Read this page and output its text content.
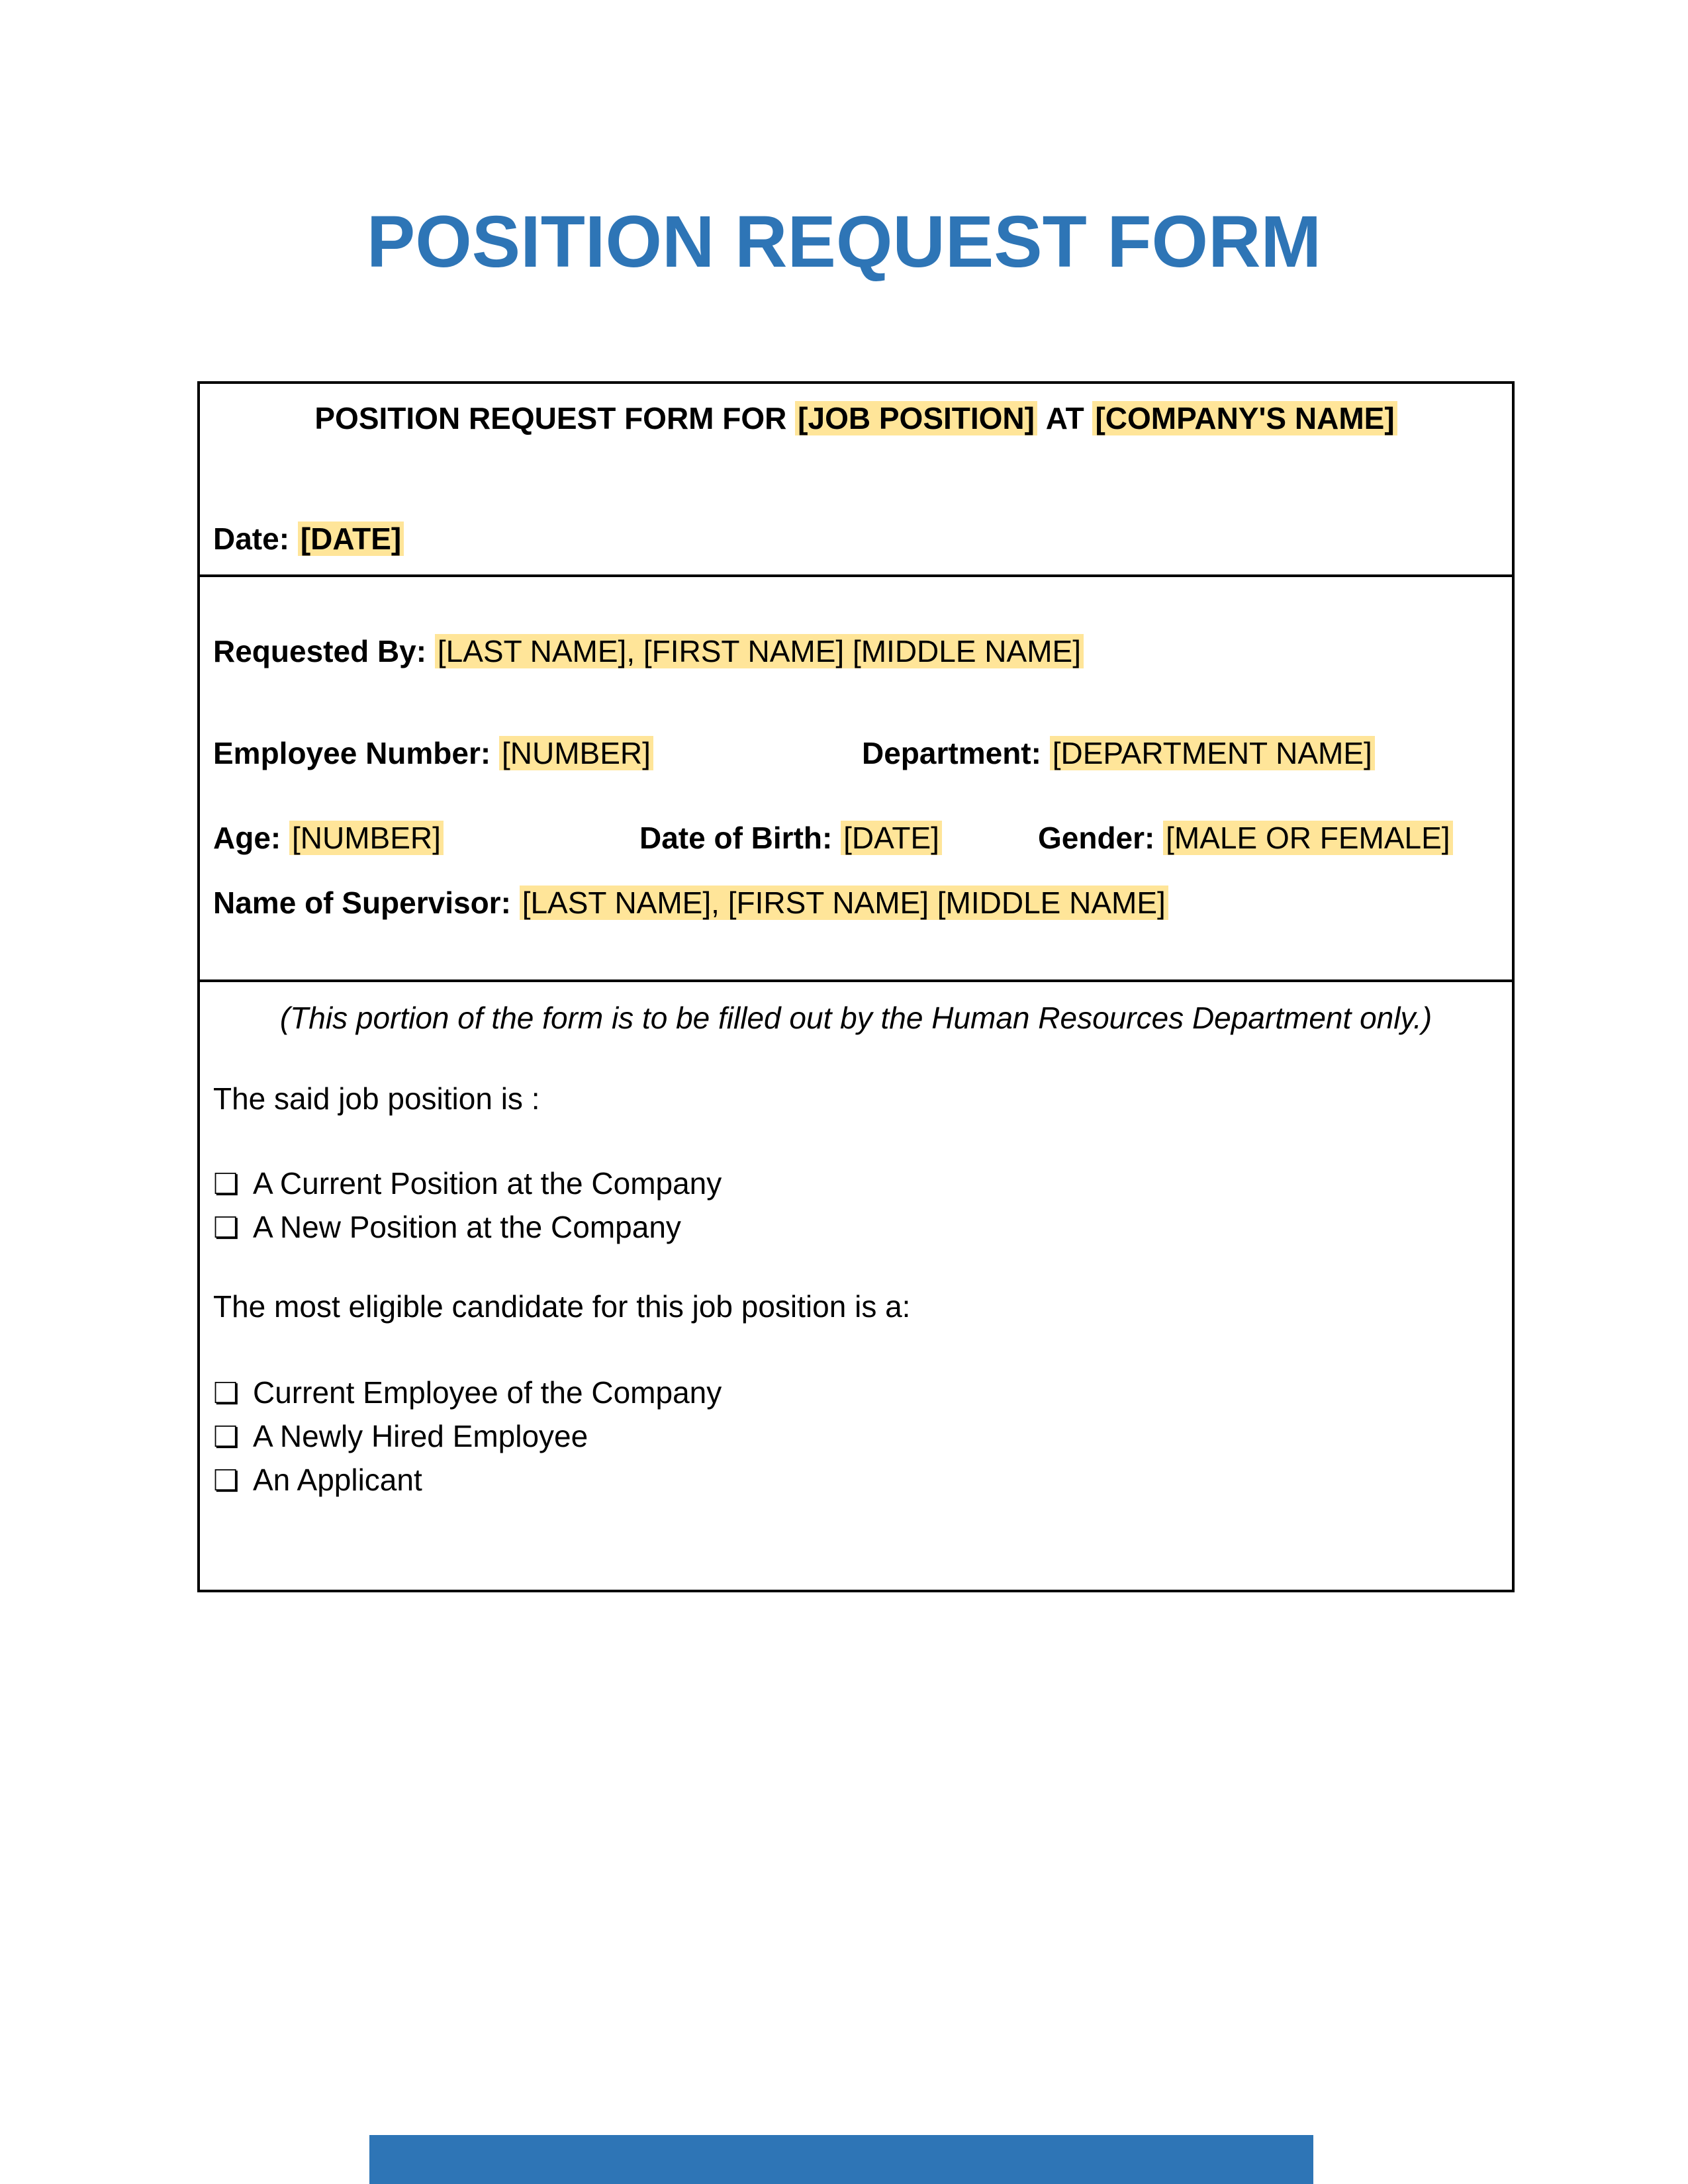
POSITION REQUEST FORM
POSITION REQUEST FORM FOR [JOB POSITION] AT [COMPANY'S NAME]
Date: [DATE]
Requested By: [LAST NAME], [FIRST NAME] [MIDDLE NAME]
Employee Number: [NUMBER]	Department: [DEPARTMENT NAME]
Age: [NUMBER]	Date of Birth: [DATE]	Gender: [MALE OR FEMALE]
Name of Supervisor: [LAST NAME], [FIRST NAME] [MIDDLE NAME]
(This portion of the form is to be filled out by the Human Resources Department only.)
The said job position is :
❏ A Current Position at the Company
❏ A New Position at the Company
The most eligible candidate for this job position is a:
❏ Current Employee of the Company
❏ A Newly Hired Employee
❏ An Applicant
